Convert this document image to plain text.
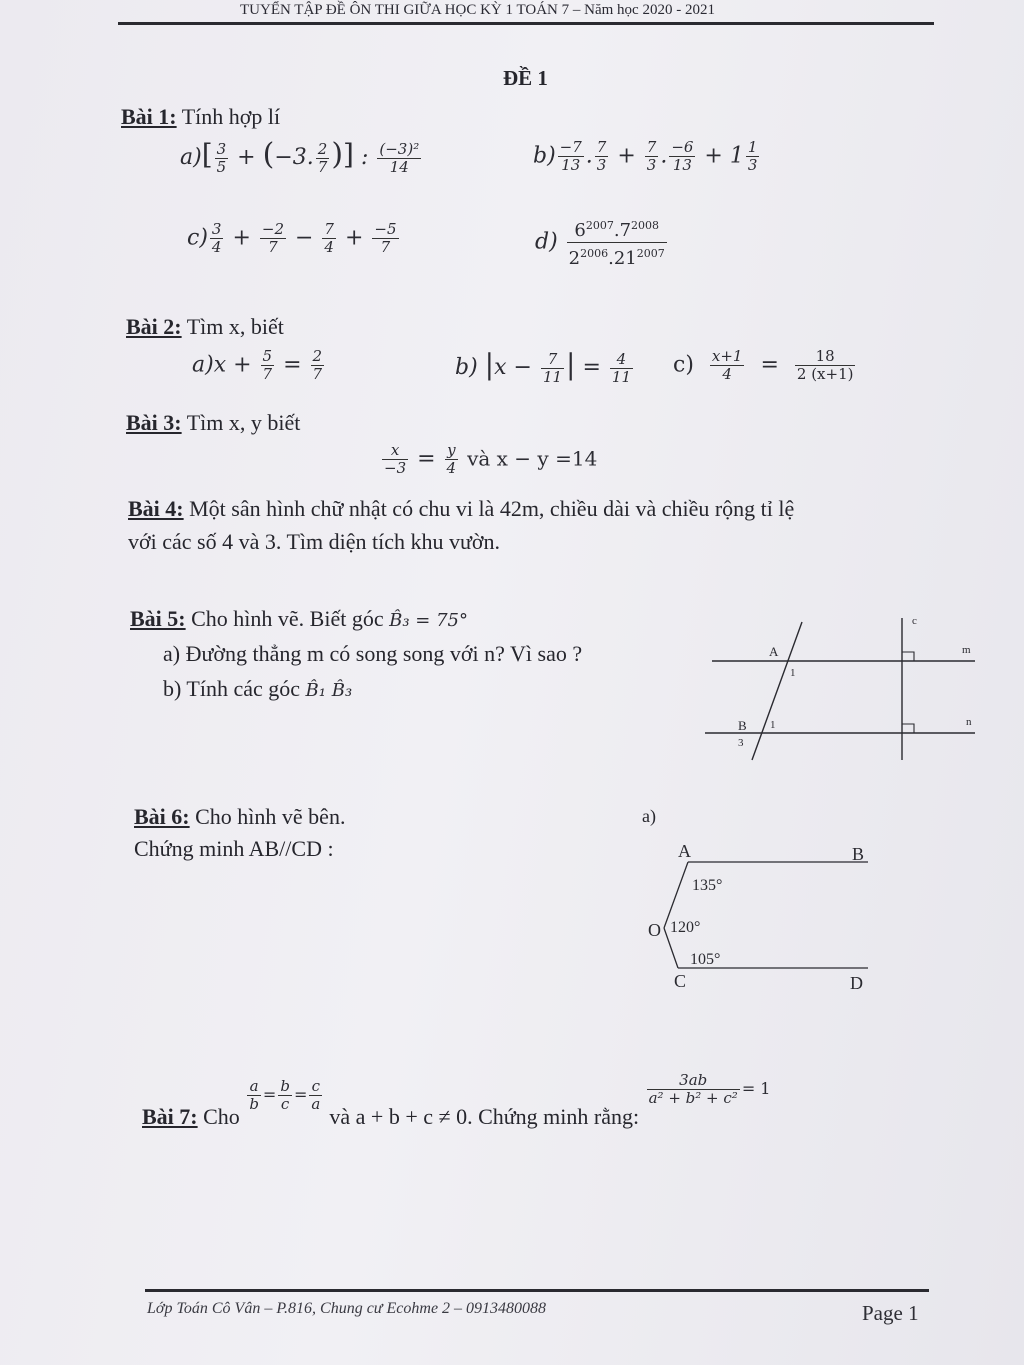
TUYỂN TẬP ĐỀ ÔN THI GIỮA HỌC KỲ 1 TOÁN 7 – Năm học 2020 - 2021
ĐỀ 1
Bài 1: Tính hợp lí
$a)[ \frac{3}{5} + (-3$. $\frac{2}{7}$ )] : $\frac{\text{(−3)²}}{14}$	$b) \frac{-7}{13}$ . $\frac{7}{3} + \frac{7}{3}$ . $\frac{-6}{13} + 1 \frac{1}{3}$
$c) \frac{3}{4} + \frac{-2}{7} - \frac{7}{4} + \frac{-5}{7}$	$d) \frac{6^{2007}.7^{2008}}{2^{2006}.21^{2007}}$
Bài 2: Tìm x, biết
$a)x + \frac{5}{7} = \frac{2}{7}$	b) $|x - \frac{7}{11}$ | = $\frac{4}{11} c) \frac{x+1}{4} = \frac{18}{2 (x+1)}$
Bài 3: Tìm x, y biết
$\frac{x}{-3} = \frac{y}{4}$ và x − y =14
Bài 4: Một sân hình chữ nhật có chu vi là 42m, chiều dài và chiều rộng tỉ lệ
với các số 4 và 3. Tìm diện tích khu vườn.
Bài 5: Cho hình vẽ. Biết góc B̂₃ = 75°
a) Đường thẳng m có song song với n? Vì sao ?
b) Tính các góc B̂₁ B̂₃
A
B
m
n
c
1
1
3
Bài 6: Cho hình vẽ bên.
Chứng minh AB//CD :
a)
A	B
O
C	D
135°
120°
105°
Bài 7: Cho
$\frac{a}{b} = \frac{b}{c} = \frac{c}{a}$
và a + b + c ≠ 0. Chứng minh rằng:
$^{\frac{3ab}{\text{a² + b² + c²}} = 1}$
Lớp Toán Cô Vân – P.816, Chung cư Ecohme 2 – 0913480088	Page 1
